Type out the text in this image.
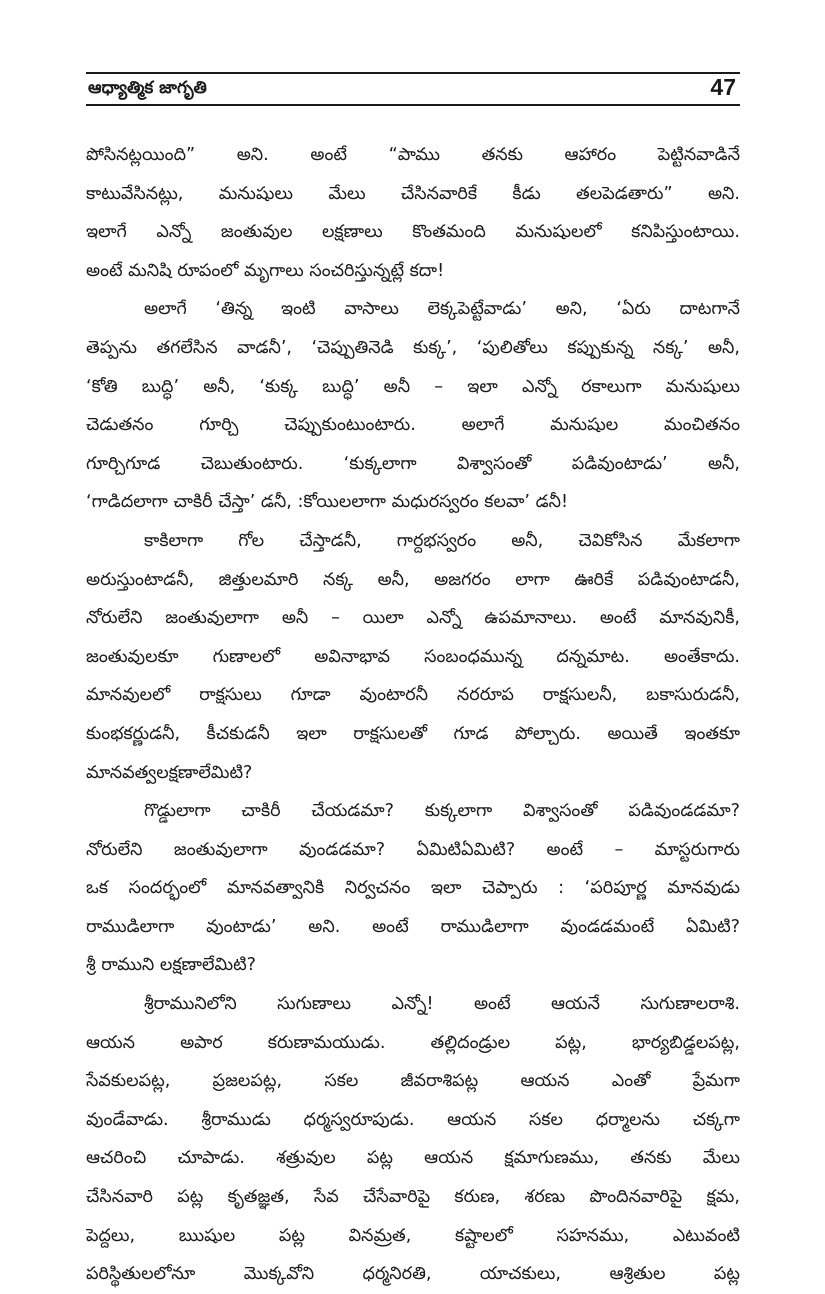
ఆధ్యాత్మిక జాగృతి	47
పోసినట్లయింది” అని. అంటే “పాము తనకు ఆహారం పెట్టినవాడినే
కాటువేసినట్లు, మనుషులు మేలు చేసినవారికే కీడు తలపెడతారు” అని.
ఇలాగే ఎన్నో జంతువుల లక్షణాలు కొంతమంది మనుషులలో కనిపిస్తుంటాయి.
అంటే మనిషి రూపంలో మృగాలు సంచరిస్తున్నట్లే కదా!
అలాగే ‘తిన్న ఇంటి వాసాలు లెక్కపెట్టేవాడు’ అని, ‘ఏరు దాటగానే
తెప్పను తగలేసిన వాడనీ’, ‘చెప్పుతినెడి కుక్క’, ‘పులితోలు కప్పుకున్న నక్క’ అనీ,
‘కోతి బుద్ధి’ అనీ, ‘కుక్క బుద్ధి’ అనీ – ఇలా ఎన్నో రకాలుగా మనుషులు
చెడుతనం గూర్చి చెప్పుకుంటుంటారు. అలాగే మనుషుల మంచితనం
గూర్చిగూడ చెబుతుంటారు. ‘కుక్కలాగా విశ్వాసంతో పడివుంటాడు’ అనీ,
‘గాడిదలాగా చాకిరీ చేస్తా’ డనీ, :కోయిలలాగా మధురస్వరం కలవా’ డనీ!
కాకిలాగా గోల చేస్తాడనీ, గార్దభస్వరం అనీ, చెవికోసిన మేకలాగా
అరుస్తుంటాడనీ, జిత్తులమారి నక్క అనీ, అజగరం లాగా ఊరికే పడివుంటాడనీ,
నోరులేని జంతువులాగా అనీ – యిలా ఎన్నో ఉపమానాలు. అంటే మానవునికీ,
జంతువులకూ గుణాలలో అవినాభావ సంబంధమున్న దన్నమాట. అంతేకాదు.
మానవులలో రాక్షసులు గూడా వుంటారనీ నరరూప రాక్షసులనీ, బకాసురుడనీ,
కుంభకర్ణుడనీ, కీచకుడనీ ఇలా రాక్షసులతో గూడ పోల్చారు. అయితే ఇంతకూ
మానవత్వలక్షణాలేమిటి?
గొడ్డులాగా చాకిరీ చేయడమా? కుక్కలాగా విశ్వాసంతో పడివుండడమా?
నోరులేని జంతువులాగా వుండడమా? ఏమిటిఏమిటి? అంటే – మాస్టరుగారు
ఒక సందర్భంలో మానవత్వానికి నిర్వచనం ఇలా చెప్పారు : ‘పరిపూర్ణ మానవుడు
రాముడిలాగా వుంటాడు’ అని. అంటే రాముడిలాగా వుండడమంటే ఏమిటి?
శ్రీ రాముని లక్షణాలేమిటి?
శ్రీరామునిలోని సుగుణాలు ఎన్నో! అంటే ఆయనే సుగుణాలరాశి.
ఆయన అపార కరుణామయుడు. తల్లిదండ్రుల పట్ల, భార్యబిడ్డలపట్ల,
సేవకులపట్ల, ప్రజలపట్ల, సకల జీవరాశిపట్ల ఆయన ఎంతో ప్రేమగా
వుండేవాడు. శ్రీరాముడు ధర్మస్వరూపుడు. ఆయన సకల ధర్మాలను చక్కగా
ఆచరించి చూపాడు. శత్రువుల పట్ల ఆయన క్షమాగుణము, తనకు మేలు
చేసినవారి పట్ల కృతజ్ఞత, సేవ చేసేవారిపై కరుణ, శరణు పొందినవారిపై క్షమ,
పెద్దలు, ఋషుల పట్ల వినమ్రత, కష్టాలలో సహనము, ఎటువంటి
పరిస్థితులలోనూ మొక్కవోని ధర్మనిరతి, యాచకులు, ఆశ్రితుల పట్ల
